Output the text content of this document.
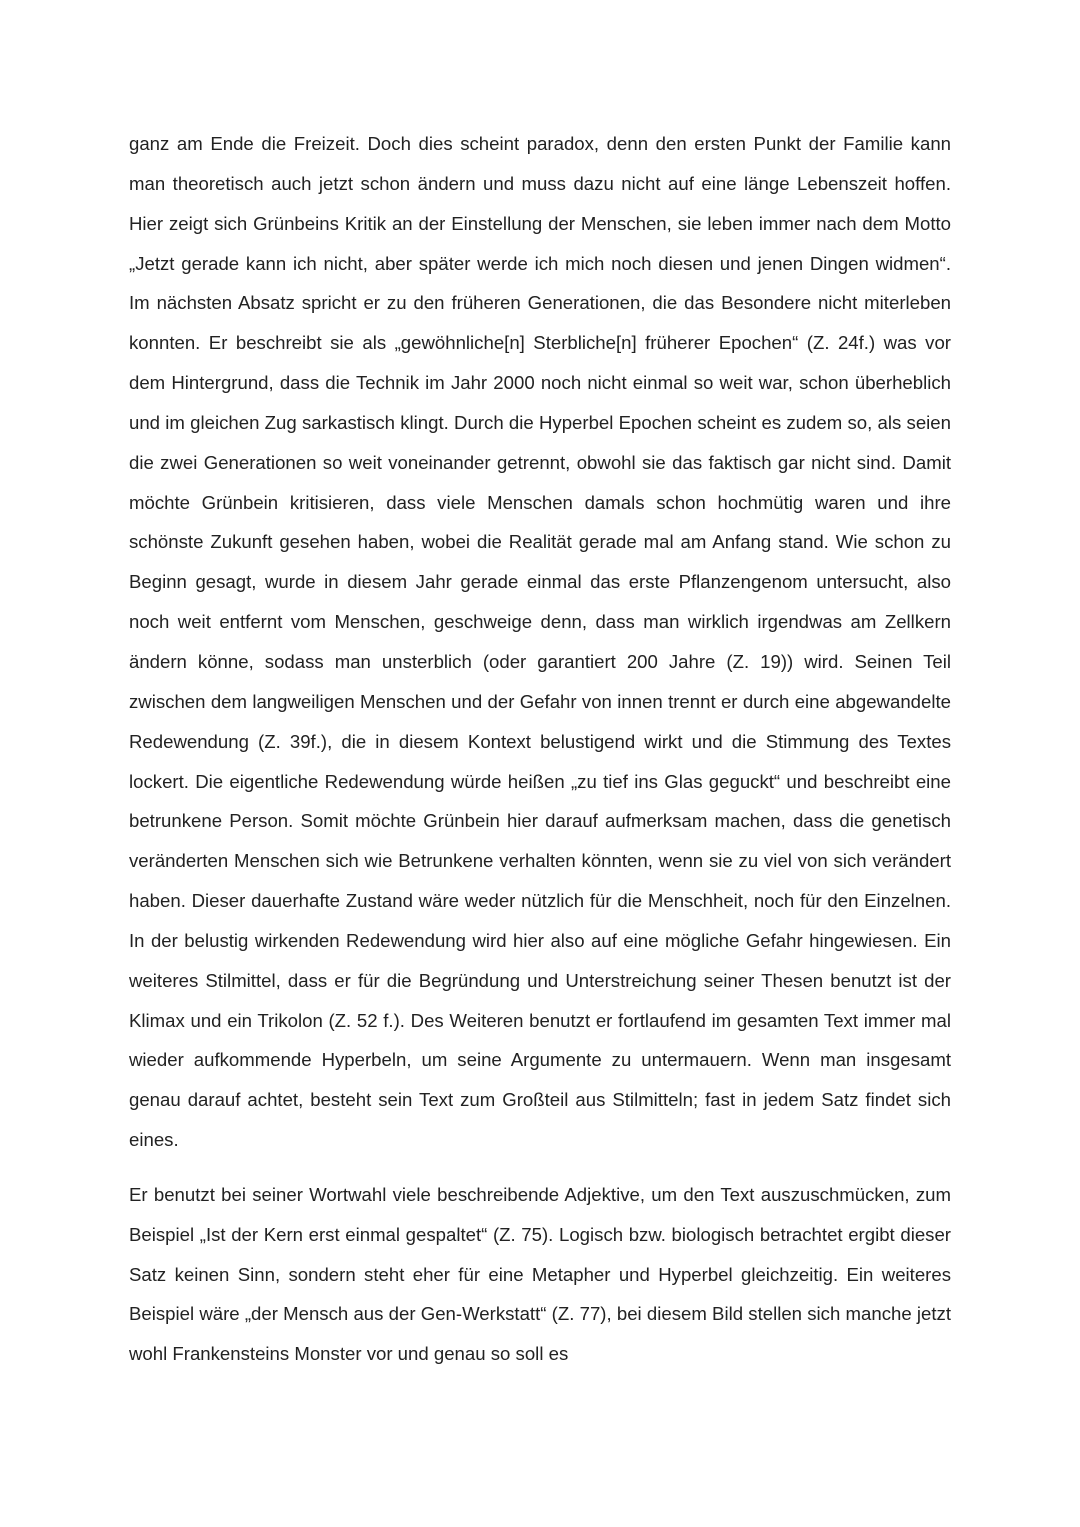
ganz am Ende die Freizeit. Doch dies scheint paradox, denn den ersten Punkt der Familie kann man theoretisch auch jetzt schon ändern und muss dazu nicht auf eine länge Lebenszeit hoffen. Hier zeigt sich Grünbeins Kritik an der Einstellung der Menschen, sie leben immer nach dem Motto „Jetzt gerade kann ich nicht, aber später werde ich mich noch diesen und jenen Dingen widmen“. Im nächsten Absatz spricht er zu den früheren Generationen, die das Besondere nicht miterleben konnten. Er beschreibt sie als „gewöhnliche[n] Sterbliche[n] früherer Epochen“ (Z. 24f.) was vor dem Hintergrund, dass die Technik im Jahr 2000 noch nicht einmal so weit war, schon überheblich und im gleichen Zug sarkastisch klingt. Durch die Hyperbel Epochen scheint es zudem so, als seien die zwei Generationen so weit voneinander getrennt, obwohl sie das faktisch gar nicht sind. Damit möchte Grünbein kritisieren, dass viele Menschen damals schon hochmütig waren und ihre schönste Zukunft gesehen haben, wobei die Realität gerade mal am Anfang stand. Wie schon zu Beginn gesagt, wurde in diesem Jahr gerade einmal das erste Pflanzengenom untersucht, also noch weit entfernt vom Menschen, geschweige denn, dass man wirklich irgendwas am Zellkern ändern könne, sodass man unsterblich (oder garantiert 200 Jahre (Z. 19)) wird. Seinen Teil zwischen dem langweiligen Menschen und der Gefahr von innen trennt er durch eine abgewandelte Redewendung (Z. 39f.), die in diesem Kontext belustigend wirkt und die Stimmung des Textes lockert. Die eigentliche Redewendung würde heißen „zu tief ins Glas geguckt“ und beschreibt eine betrunkene Person. Somit möchte Grünbein hier darauf aufmerksam machen, dass die genetisch veränderten Menschen sich wie Betrunkene verhalten könnten, wenn sie zu viel von sich verändert haben. Dieser dauerhafte Zustand wäre weder nützlich für die Menschheit, noch für den Einzelnen. In der belustig wirkenden Redewendung wird hier also auf eine mögliche Gefahr hingewiesen. Ein weiteres Stilmittel, dass er für die Begründung und Unterstreichung seiner Thesen benutzt ist der Klimax und ein Trikolon (Z. 52 f.). Des Weiteren benutzt er fortlaufend im gesamten Text immer mal wieder aufkommende Hyperbeln, um seine Argumente zu untermauern. Wenn man insgesamt genau darauf achtet, besteht sein Text zum Großteil aus Stilmitteln; fast in jedem Satz findet sich eines.

Er benutzt bei seiner Wortwahl viele beschreibende Adjektive, um den Text auszuschmücken, zum Beispiel „Ist der Kern erst einmal gespaltet“ (Z. 75). Logisch bzw. biologisch betrachtet ergibt dieser Satz keinen Sinn, sondern steht eher für eine Metapher und Hyperbel gleichzeitig. Ein weiteres Beispiel wäre „der Mensch aus der Gen-Werkstatt“ (Z. 77), bei diesem Bild stellen sich manche jetzt wohl Frankensteins Monster vor und genau so soll es
